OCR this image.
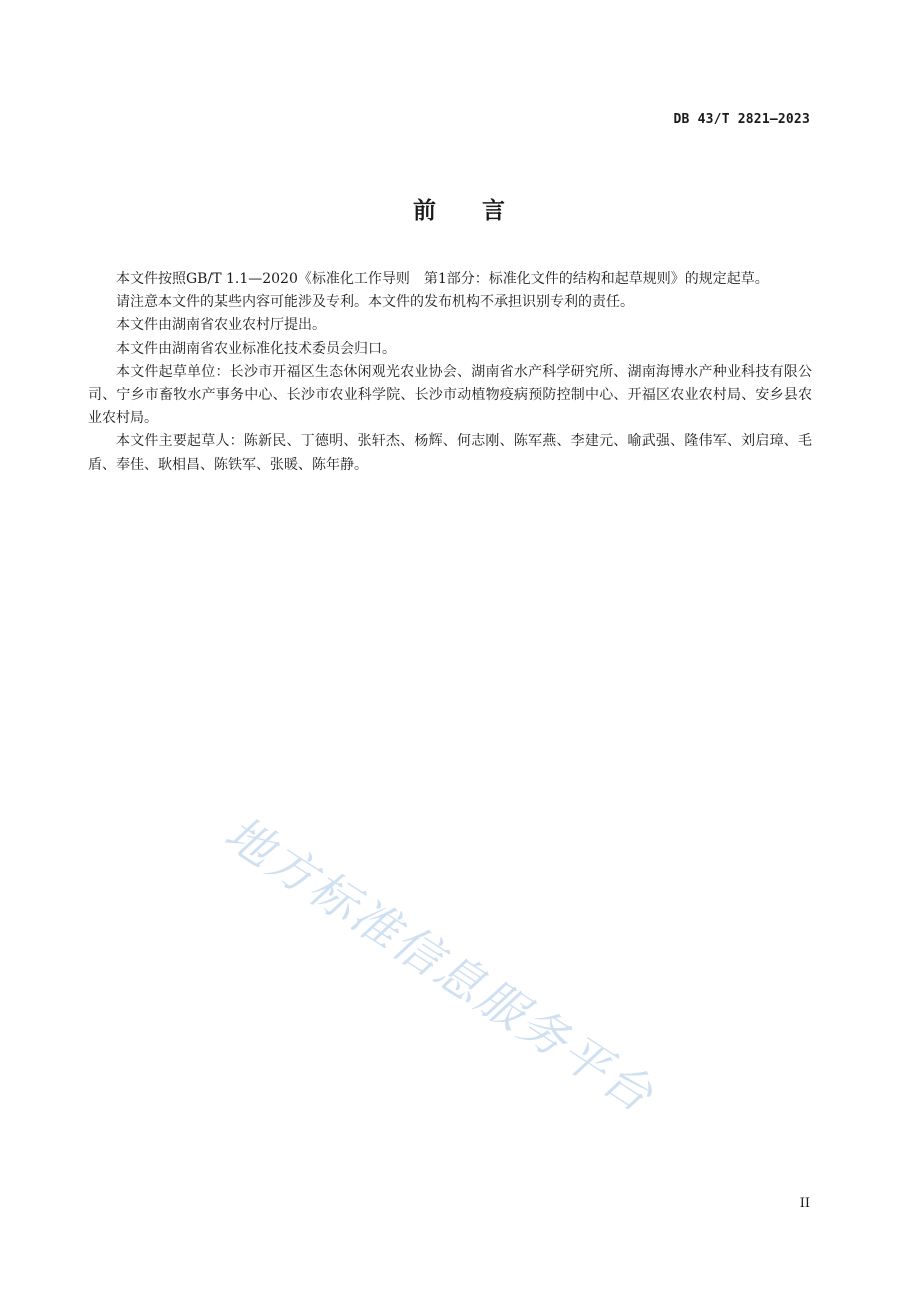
DB 43/T 2821—2023
前 言

本文件按照GB/T 1.1—2020《标准化工作导则　第1部分：标准化文件的结构和起草规则》的规定起草。

请注意本文件的某些内容可能涉及专利。本文件的发布机构不承担识别专利的责任。

本文件由湖南省农业农村厅提出。

本文件由湖南省农业标准化技术委员会归口。

本文件起草单位：长沙市开福区生态休闲观光农业协会、湖南省水产科学研究所、湖南海博水产种业科技有限公司、宁乡市畜牧水产事务中心、长沙市农业科学院、长沙市动植物疫病预防控制中心、开福区农业农村局、安乡县农业农村局。

本文件主要起草人：陈新民、丁德明、张轩杰、杨辉、何志刚、陈军燕、李建元、喻武强、隆伟军、刘启璋、毛盾、奉佳、耿相昌、陈铁军、张暖、陈年静。

地方标准信息服务平台
II
